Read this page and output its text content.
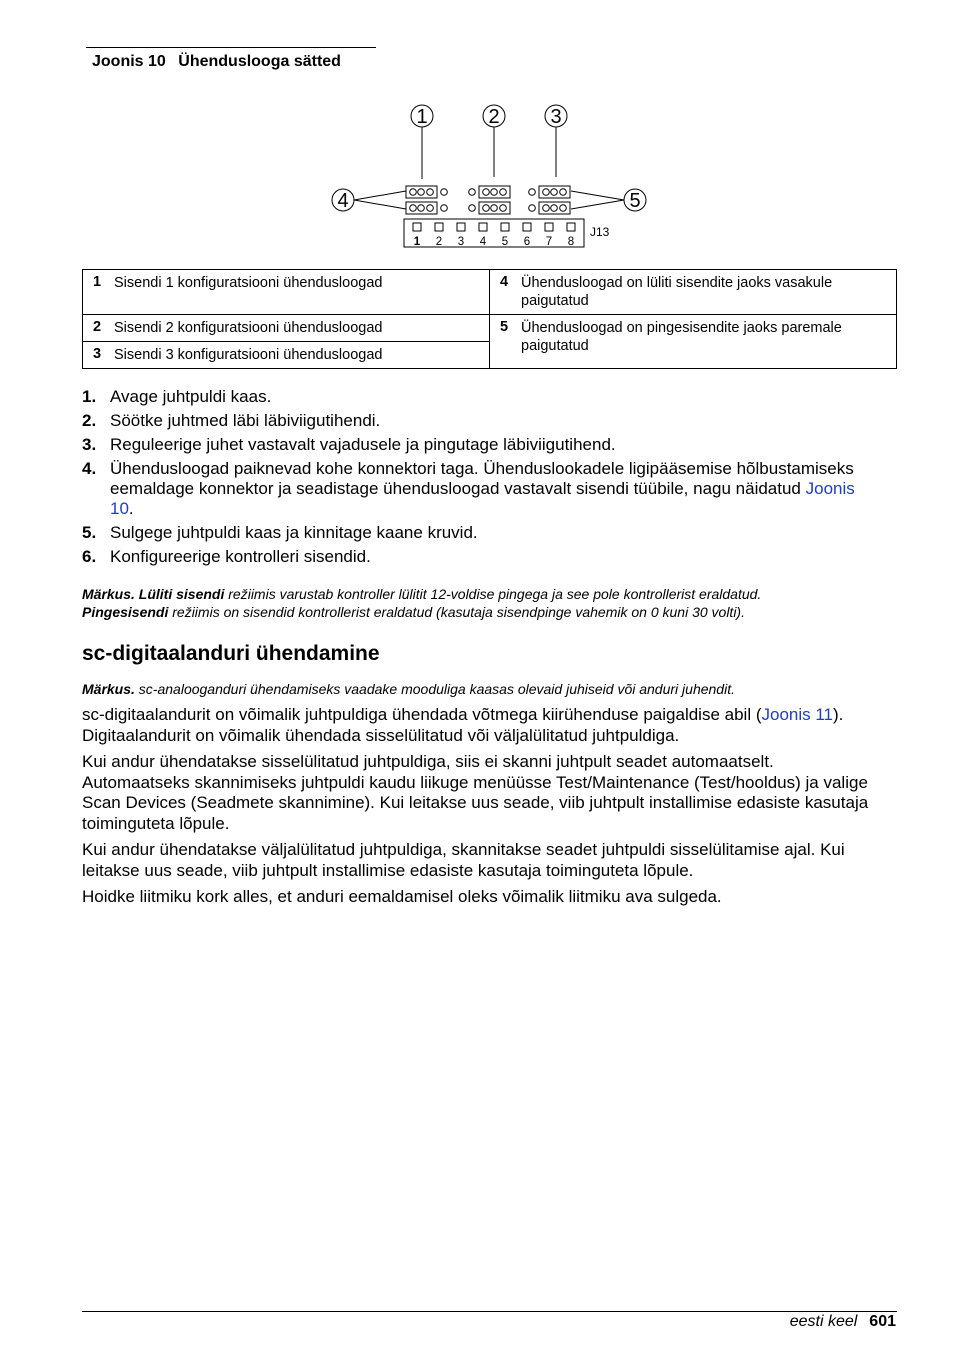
Joonis 10 Ühenduslooga sätted
1	2	3
4	5
J13
1 2 3 4 5 6 7 8
1 Sisendi 1 konfiguratsiooni ühendusloogad	4 Ühendusloogad on lüliti sisendite jaoks vasakule paigutatud
2 Sisendi 2 konfiguratsiooni ühendusloogad	5 Ühendusloogad on pingesisendite jaoks paremale paigutatud
3 Sisendi 3 konfiguratsiooni ühendusloogad	
1. Avage juhtpuldi kaas.
2. Söötke juhtmed läbi läbiviigutihendi.
3. Reguleerige juhet vastavalt vajadusele ja pingutage läbiviigutihend.
4. Ühendusloogad paiknevad kohe konnektori taga. Ühenduslookadele ligipääsemise hõlbustamiseks eemaldage konnektor ja seadistage ühendusloogad vastavalt sisendi tüübile, nagu näidatud Joonis 10.
5. Sulgege juhtpuldi kaas ja kinnitage kaane kruvid.
6. Konfigureerige kontrolleri sisendid.
Märkus. Lüliti sisendi režiimis varustab kontroller lülitit 12-voldise pingega ja see pole kontrollerist eraldatud.
Pingesisendi režiimis on sisendid kontrollerist eraldatud (kasutaja sisendpinge vahemik on 0 kuni 30 volti).
sc-digitaalanduri ühendamine
Märkus. sc-analooganduri ühendamiseks vaadake mooduliga kaasas olevaid juhiseid või anduri juhendit.

sc-digitaalandurit on võimalik juhtpuldiga ühendada võtmega kiirühenduse paigaldise abil (Joonis 11). Digitaalandurit on võimalik ühendada sisselülitatud või väljalülitatud juhtpuldiga.

Kui andur ühendatakse sisselülitatud juhtpuldiga, siis ei skanni juhtpult seadet automaatselt. Automaatseks skannimiseks juhtpuldi kaudu liikuge menüüsse Test/Maintenance (Test/hooldus) ja valige Scan Devices (Seadmete skannimine). Kui leitakse uus seade, viib juhtpult installimise edasiste kasutaja toiminguteta lõpule.

Kui andur ühendatakse väljalülitatud juhtpuldiga, skannitakse seadet juhtpuldi sisselülitamise ajal. Kui leitakse uus seade, viib juhtpult installimise edasiste kasutaja toiminguteta lõpule.

Hoidke liitmiku kork alles, et anduri eemaldamisel oleks võimalik liitmiku ava sulgeda.

eesti keel 601
